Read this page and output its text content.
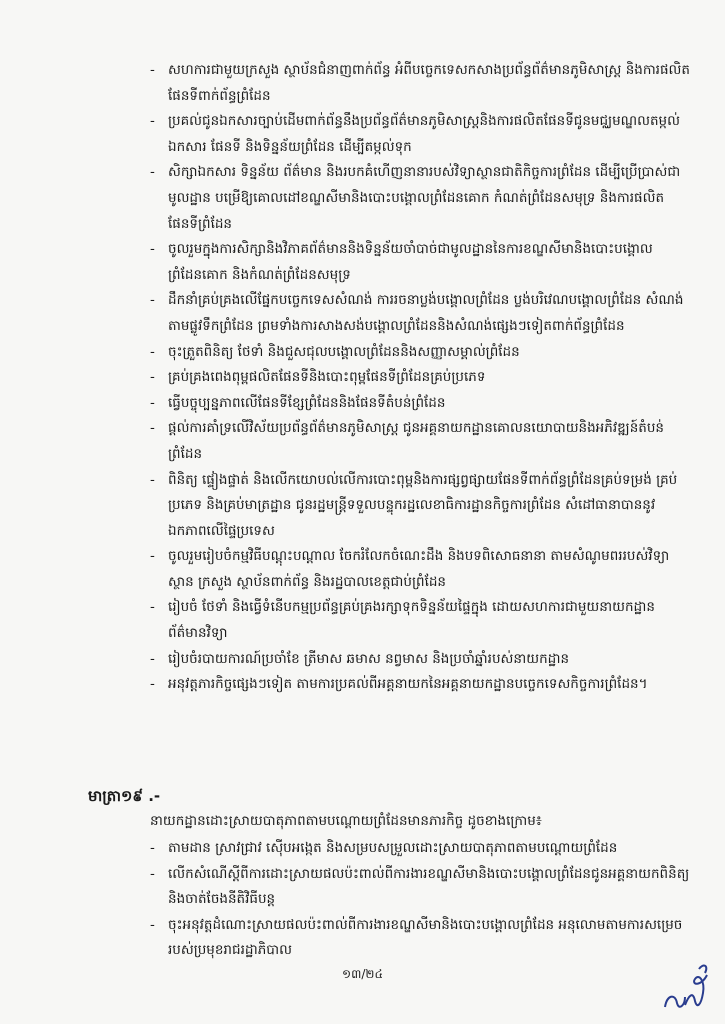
- សហការជាមួយក្រសួង ស្ថាប័នជំនាញពាក់ព័ន្ធ អំពីបច្ចេកទេសកសាងប្រព័ន្ធព័ត៌មានភូមិសាស្ត្រ និងការផលិតផែនទីពាក់ព័ន្ធព្រំដែន
- ប្រគល់ជូនឯកសារច្បាប់ដើមពាក់ព័ន្ធនឹងប្រព័ន្ធព័ត៌មានភូមិសាស្ត្រនិងការផលិតផែនទីជូនមជ្ឈមណ្ឌលតម្កល់ឯកសារ ផែនទី និងទិន្នន័យព្រំដែន ដើម្បីតម្កល់ទុក
- សិក្សាឯកសារ ទិន្នន័យ ព័ត៌មាន និងរបកគំហើញនានារបស់វិទ្យាស្ថានជាតិកិច្ចការព្រំដែន ដើម្បីប្រើប្រាស់ជាមូលដ្ឋាន បម្រើឱ្យគោលដៅខណ្ឌសីមានិងបោះបង្គោលព្រំដែនគោក កំណត់ព្រំដែនសមុទ្រ និងការផលិតផែនទីព្រំដែន
- ចូលរួមក្នុងការសិក្សានិងវិភាគព័ត៌មាននិងទិន្នន័យចាំបាច់ជាមូលដ្ឋាននៃការខណ្ឌសីមានិងបោះបង្គោលព្រំដែនគោក និងកំណត់ព្រំដែនសមុទ្រ
- ដឹកនាំគ្រប់គ្រងលើផ្នែកបច្ចេកទេសសំណង់ ការរចនាប្លង់បង្គោលព្រំដែន ប្លង់បរិវេណបង្គោលព្រំដែន សំណង់តាមផ្លូវទឹកព្រំដែន ព្រមទាំងការសាងសង់បង្គោលព្រំដែននិងសំណង់ផ្សេងៗទៀតពាក់ព័ន្ធព្រំដែន
- ចុះត្រួតពិនិត្យ ថែទាំ និងជួសជុលបង្គោលព្រំដែននិងសញ្ញាសម្គាល់ព្រំដែន
- គ្រប់គ្រងពេងពុម្ពផលិតផែនទីនិងបោះពុម្ពផែនទីព្រំដែនគ្រប់ប្រភេទ
- ធ្វើបច្ចុប្បន្នភាពលើផែនទីខ្សែព្រំដែននិងផែនទីតំបន់ព្រំដែន
- ផ្តល់ការគាំទ្រលើវិស័យប្រព័ន្ធព័ត៌មានភូមិសាស្ត្រ ជូនអគ្គនាយកដ្ឋានគោលនយោបាយនិងអភិវឌ្ឍន៍តំបន់ព្រំដែន
- ពិនិត្យ ផ្ទៀងផ្ទាត់ និងលើកយោបល់លើការបោះពុម្ពនិងការផ្សព្វផ្សាយផែនទីពាក់ព័ន្ធព្រំដែនគ្រប់ទម្រង់ គ្រប់ប្រភេទ និងគ្រប់មាត្រដ្ឋាន ជូនរដ្ឋមន្ត្រីទទួលបន្ទុករដ្ឋលេខាធិការដ្ឋានកិច្ចការព្រំដែន សំដៅធានាបាននូវឯកភាពលើផ្ទៃប្រទេស
- ចូលរួមរៀបចំកម្មវិធីបណ្តុះបណ្តាល ចែករំលែកចំណេះដឹង និងបទពិសោធនានា តាមសំណូមពររបស់វិទ្យាស្ថាន ក្រសួង ស្ថាប័នពាក់ព័ន្ធ និងរដ្ឋបាលខេត្តជាប់ព្រំដែន
- រៀបចំ ថែទាំ និងធ្វើទំនើបកម្មប្រព័ន្ធគ្រប់គ្រងរក្សាទុកទិន្នន័យផ្ទៃក្នុង ដោយសហការជាមួយនាយកដ្ឋានព័ត៌មានវិទ្យា
- រៀបចំរបាយការណ៍ប្រចាំខែ ត្រីមាស ឆមាស នព្វមាស និងប្រចាំឆ្នាំរបស់នាយកដ្ឋាន
- អនុវត្តភារកិច្ចផ្សេងៗទៀត តាមការប្រគល់ពីអគ្គនាយកនៃអគ្គនាយកដ្ឋានបច្ចេកទេសកិច្ចការព្រំដែន។
មាត្រា១៩ .-
នាយកដ្ឋានដោះស្រាយបាតុភាពតាមបណ្តោយព្រំដែនមានភារកិច្ច ដូចខាងក្រោម៖
- តាមដាន ស្រាវជ្រាវ ស៊ើបអង្កេត និងសម្របសម្រួលដោះស្រាយបាតុភាពតាមបណ្តោយព្រំដែន
- លើកសំណើស្តីពីការដោះស្រាយផលប៉ះពាល់ពីការងារខណ្ឌសីមានិងបោះបង្គោលព្រំដែនជូនអគ្គនាយកពិនិត្យនិងចាត់ចែងនីតិវិធីបន្ត
- ចុះអនុវត្តដំណោះស្រាយផលប៉ះពាល់ពីការងារខណ្ឌសីមានិងបោះបង្គោលព្រំដែន អនុលោមតាមការសម្រេចរបស់ប្រមុខរាជរដ្ឋាភិបាល
១៣/២៤
